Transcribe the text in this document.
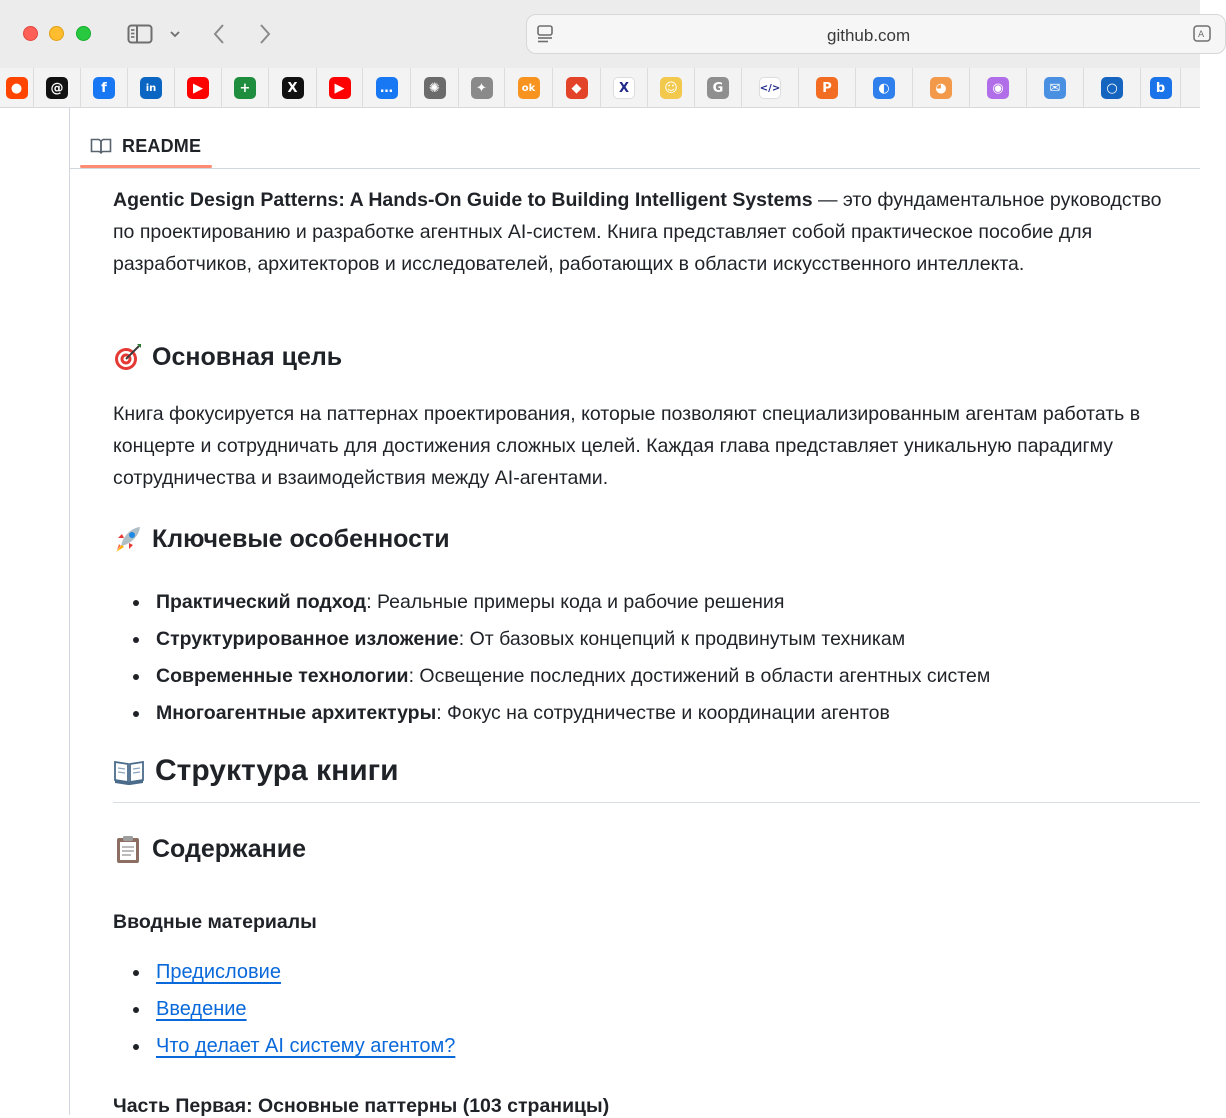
github.com	A
●	@	f	in	▶	+	X	▶	…	✺	✦	ok	◆	X	☺	G	</>	P	◐	◕	◉	✉	○	b
README

Agentic Design Patterns: A Hands-On Guide to Building Intelligent Systems — это фундаментальное руководство по проектированию и разработке агентных AI-систем. Книга представляет собой практическое пособие для разработчиков, архитекторов и исследователей, работающих в области искусственного интеллекта.

Основная цель

Книга фокусируется на паттернах проектирования, которые позволяют специализированным агентам работать в концерте и сотрудничать для достижения сложных целей. Каждая глава представляет уникальную парадигму сотрудничества и взаимодействия между AI-агентами.

Ключевые особенности
Практический подход: Реальные примеры кода и рабочие решения
Структурированное изложение: От базовых концепций к продвинутым техникам
Современные технологии: Освещение последних достижений в области агентных систем
Многоагентные архитектуры: Фокус на сотрудничестве и координации агентов
Структура книги
Содержание
Вводные материалы
Предисловие
Введение
Что делает AI систему агентом?
Часть Первая: Основные паттерны (103 страницы)
